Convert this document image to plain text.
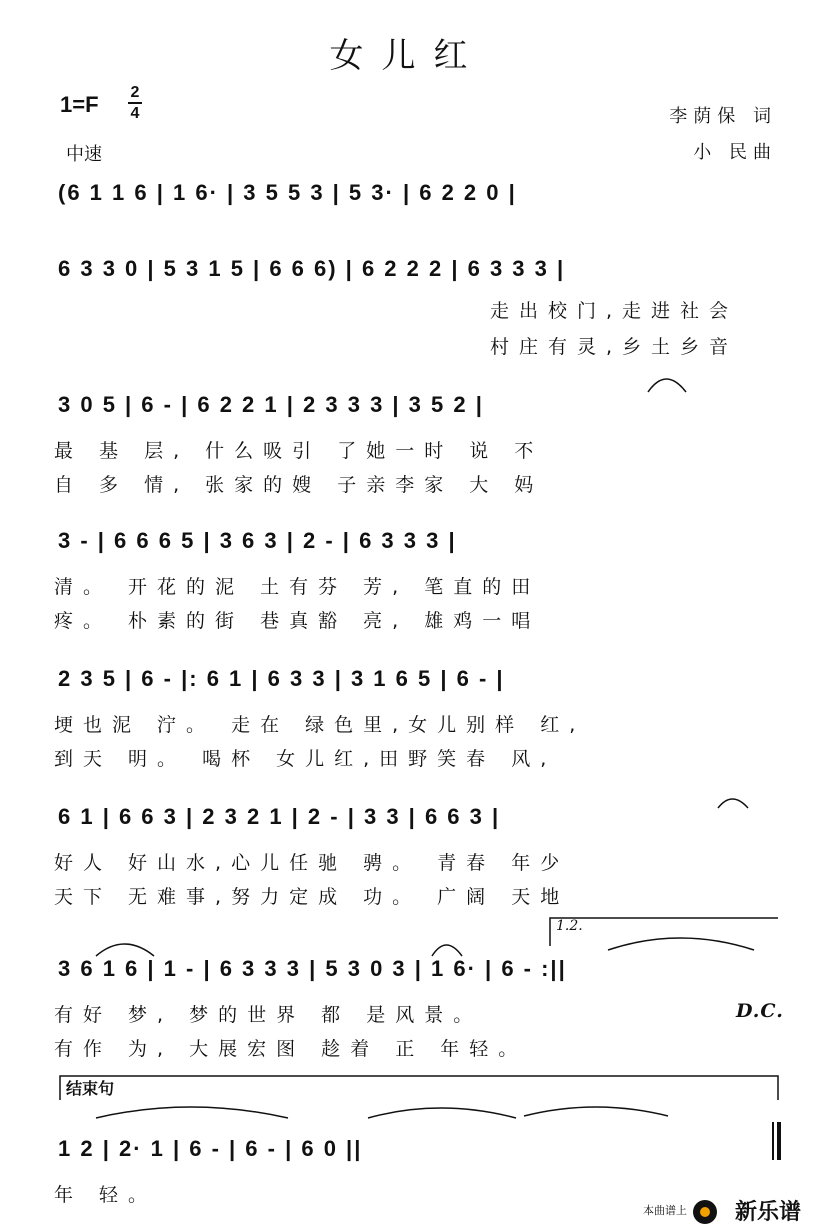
女儿红
1=F 2
4
中速
李荫保 词
小 民曲
(6 1 1 6 | 1 6· | 3 5 5 3 | 5 3· | 6 2 2 0 |
6 3 3 0 | 5 3 1 5 | 6 6 6) | 6 2 2 2 | 6 3 3 3 |
走出校门,走进社会
村庄有灵,乡土乡音
3 0 5 | 6 - | 6 2 2 1 | 2 3 3 3 | 3 5 2 |
最 基 层, 什么吸引 了她一时 说 不
自 多 情, 张家的嫂 子亲李家 大 妈
3 - | 6 6 6 5 | 3 6 3 | 2 - | 6 3 3 3 |
清。 开花的泥 土有芬 芳, 笔直的田
疼。 朴素的街 巷真豁 亮, 雄鸡一唱
2 3 5 | 6 - |: 6 1 | 6 3 3 | 3 1 6 5 | 6 - |
埂也泥 泞。 走在 绿色里,女儿别样 红,
到天 明。 喝杯 女儿红,田野笑春 风,
6 1 | 6 6 3 | 2 3 2 1 | 2 - | 3 3 | 6 6 3 |
好人 好山水,心儿任驰 骋。 青春 年少
天下 无难事,努力定成 功。 广阔 天地
1.2.
3 6 1 6 | 1 - | 6 3 3 3 | 5 3 0 3 | 1 6· | 6 - :||
有好 梦, 梦的世界 都 是风景。
有作 为, 大展宏图 趁着 正 年轻。
D.C.
结束句
1 2 | 2· 1 | 6 - | 6 - | 6 0 ||
年 轻。
本曲谱上 新乐谱
